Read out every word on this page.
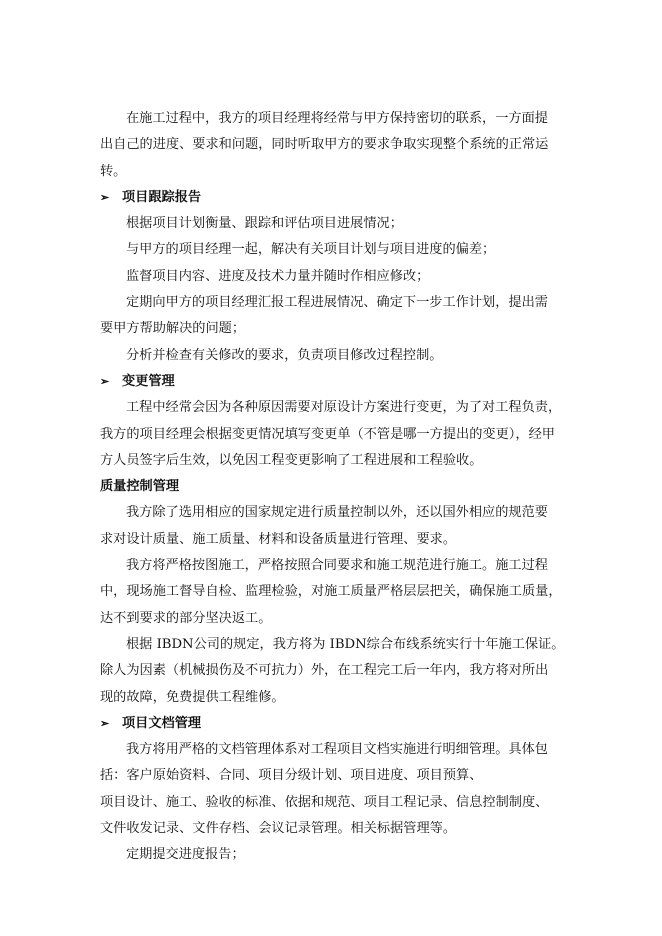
在施工过程中，我方的项目经理将经常与甲方保持密切的联系，一方面提

出自己的进度、要求和问题，同时听取甲方的要求争取实现整个系统的正常运

转。

➢ 项目跟踪报告

根据项目计划衡量、跟踪和评估项目进展情况；

与甲方的项目经理一起，解决有关项目计划与项目进度的偏差；

监督项目内容、进度及技术力量并随时作相应修改；

定期向甲方的项目经理汇报工程进展情况、确定下一步工作计划，提出需

要甲方帮助解决的问题；

分析并检查有关修改的要求，负责项目修改过程控制。

➢ 变更管理

工程中经常会因为各种原因需要对原设计方案进行变更，为了对工程负责，

我方的项目经理会根据变更情况填写变更单（不管是哪一方提出的变更），经甲

方人员签字后生效，以免因工程变更影响了工程进展和工程验收。

质量控制管理

我方除了选用相应的国家规定进行质量控制以外，还以国外相应的规范要

求对设计质量、施工质量、材料和设备质量进行管理、要求。

我方将严格按图施工，严格按照合同要求和施工规范进行施工。施工过程

中，现场施工督导自检、监理检验，对施工质量严格层层把关，确保施工质量，

达不到要求的部分坚决返工。

根据 IBDN公司的规定，我方将为 IBDN综合布线系统实行十年施工保证。

除人为因素（机械损伤及不可抗力）外，在工程完工后一年内，我方将对所出

现的故障，免费提供工程维修。

➢ 项目文档管理

我方将用严格的文档管理体系对工程项目文档实施进行明细管理。具体包

括：客户原始资料、合同、项目分级计划、项目进度、项目预算、

项目设计、施工、验收的标准、依据和规范、项目工程记录、信息控制制度、

文件收发记录、文件存档、会议记录管理。相关标据管理等。

定期提交进度报告；
